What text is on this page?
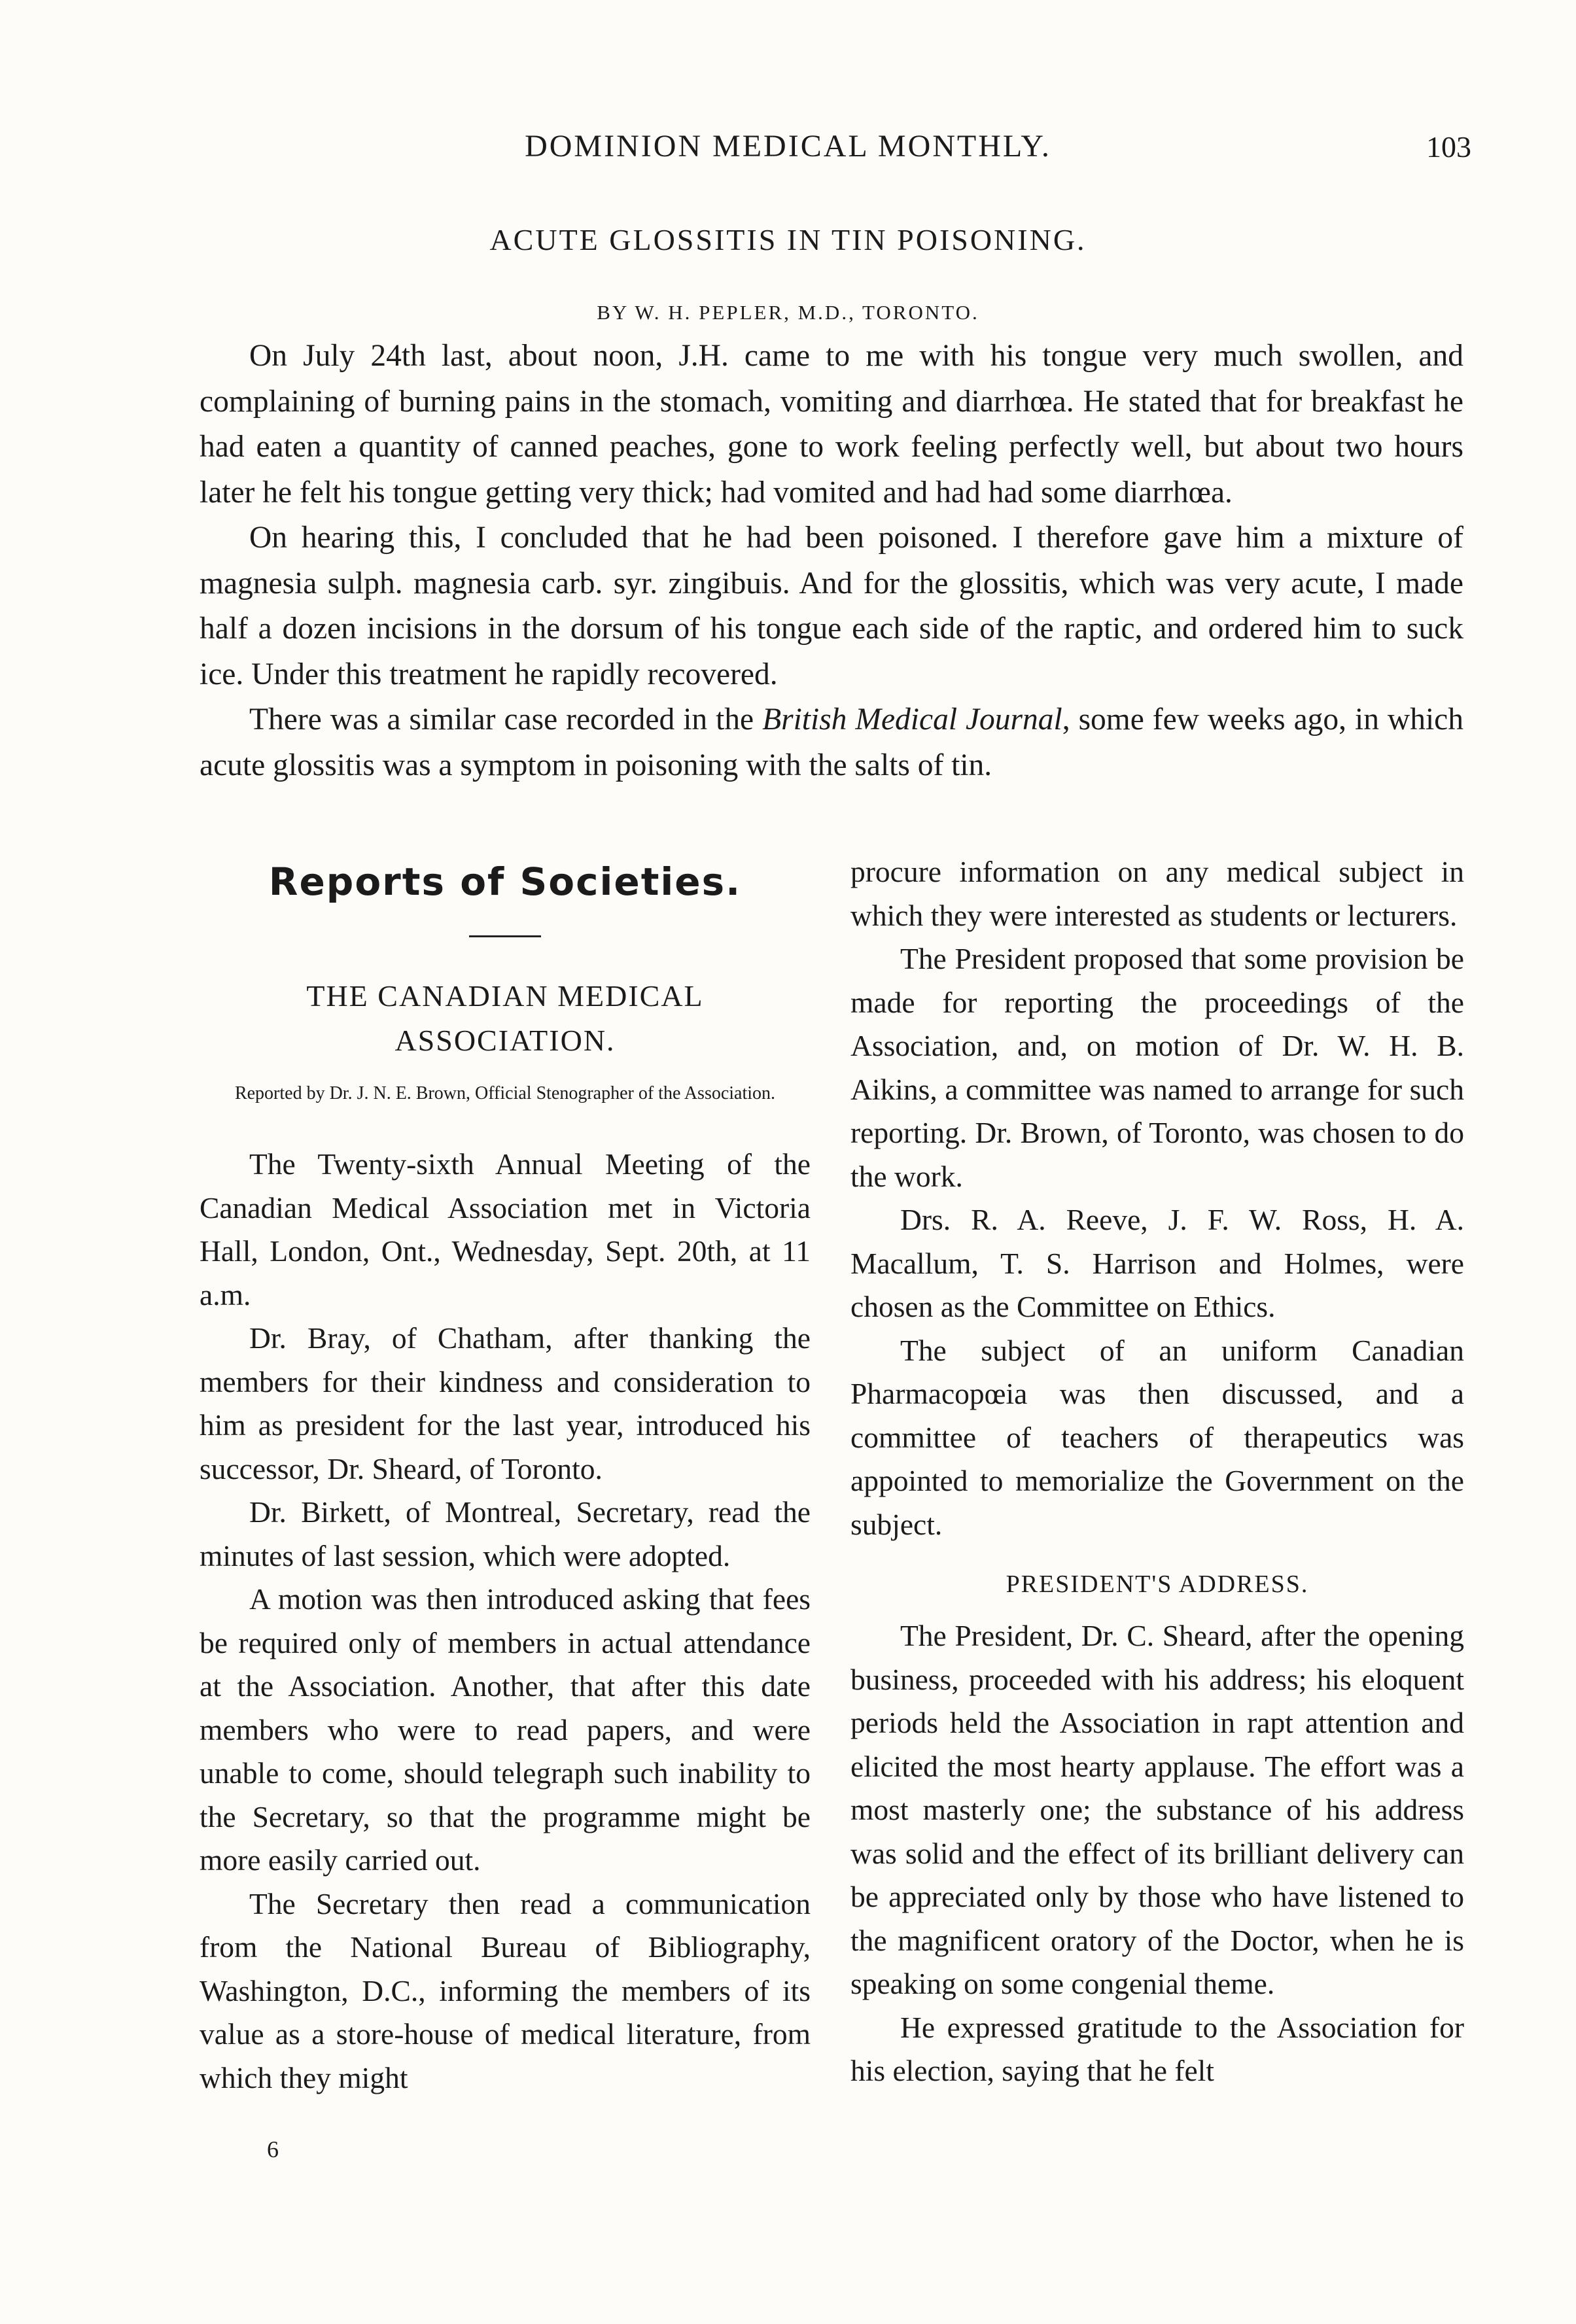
DOMINION MEDICAL MONTHLY.	103
ACUTE GLOSSITIS IN TIN POISONING.
BY W. H. PEPLER, M.D., TORONTO.

On July 24th last, about noon, J.H. came to me with his tongue very much swollen, and complaining of burning pains in the stomach, vomiting and diarrhœa. He stated that for breakfast he had eaten a quantity of canned peaches, gone to work feeling perfectly well, but about two hours later he felt his tongue getting very thick; had vomited and had had some diarrhœa.

On hearing this, I concluded that he had been poisoned. I therefore gave him a mixture of magnesia sulph. magnesia carb. syr. zingibuis. And for the glossitis, which was very acute, I made half a dozen incisions in the dorsum of his tongue each side of the raptic, and ordered him to suck ice. Under this treatment he rapidly recovered.

There was a similar case recorded in the British Medical Journal, some few weeks ago, in which acute glossitis was a symptom in poisoning with the salts of tin.

Reports of Societies.
THE CANADIAN MEDICAL ASSOCIATION.
Reported by Dr. J. N. E. Brown, Official Stenographer of the Association.

The Twenty-sixth Annual Meeting of the Canadian Medical Association met in Victoria Hall, London, Ont., Wednesday, Sept. 20th, at 11 a.m.

Dr. Bray, of Chatham, after thanking the members for their kindness and consideration to him as president for the last year, introduced his successor, Dr. Sheard, of Toronto.

Dr. Birkett, of Montreal, Secretary, read the minutes of last session, which were adopted.

A motion was then introduced asking that fees be required only of members in actual attendance at the Association. Another, that after this date members who were to read papers, and were unable to come, should telegraph such inability to the Secretary, so that the programme might be more easily carried out.

The Secretary then read a communication from the National Bureau of Bibliography, Washington, D.C., informing the members of its value as a store-house of medical literature, from which they might

procure information on any medical subject in which they were interested as students or lecturers.

The President proposed that some provision be made for reporting the proceedings of the Association, and, on motion of Dr. W. H. B. Aikins, a committee was named to arrange for such reporting. Dr. Brown, of Toronto, was chosen to do the work.

Drs. R. A. Reeve, J. F. W. Ross, H. A. Macallum, T. S. Harrison and Holmes, were chosen as the Committee on Ethics.

The subject of an uniform Canadian Pharmacopœia was then discussed, and a committee of teachers of therapeutics was appointed to memorialize the Government on the subject.

PRESIDENT'S ADDRESS.

The President, Dr. C. Sheard, after the opening business, proceeded with his address; his eloquent periods held the Association in rapt attention and elicited the most hearty applause. The effort was a most masterly one; the substance of his address was solid and the effect of its brilliant delivery can be appreciated only by those who have listened to the magnificent oratory of the Doctor, when he is speaking on some congenial theme.

He expressed gratitude to the Association for his election, saying that he felt

6
